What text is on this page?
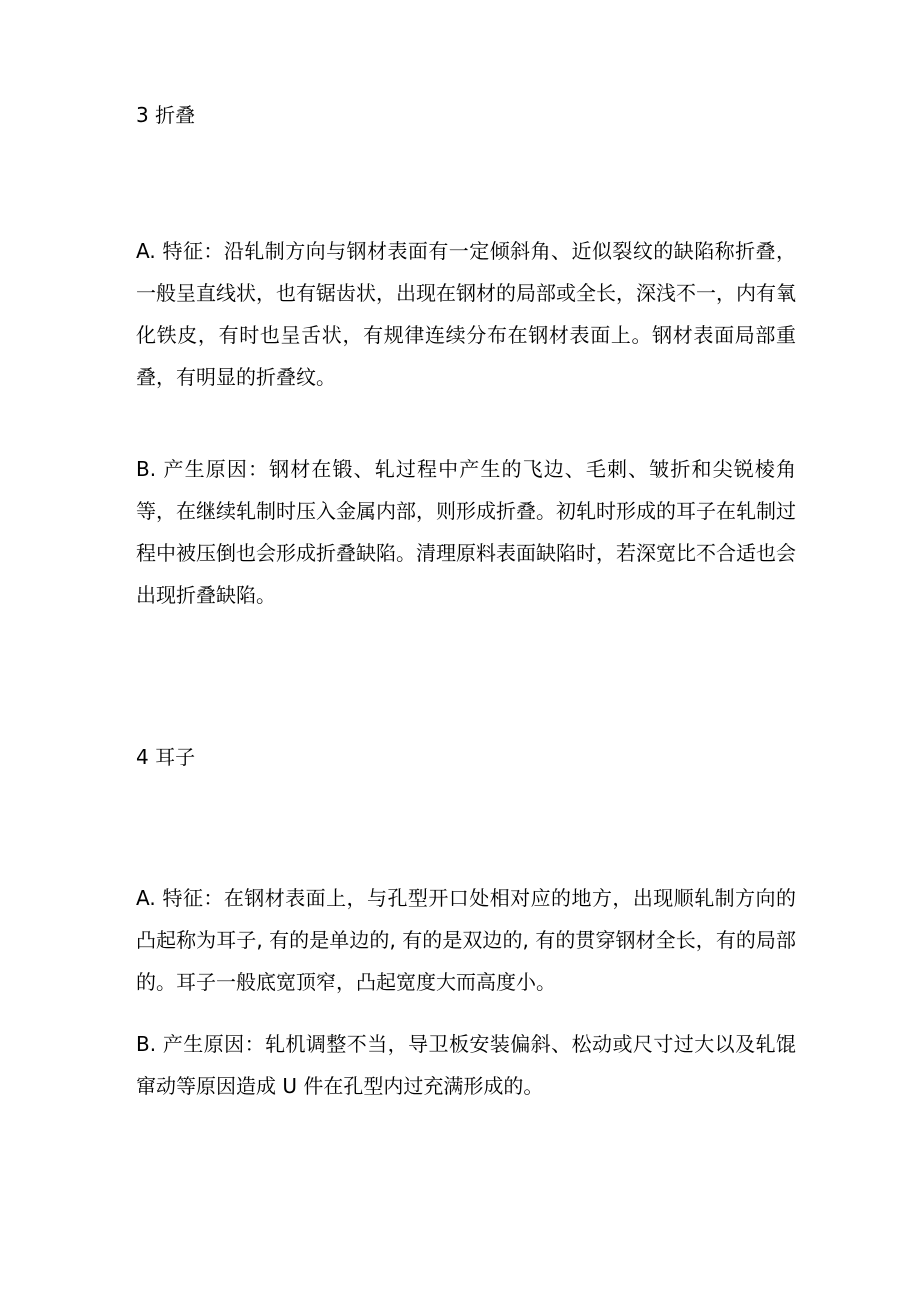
3 折叠
A. 特征：沿轧制方向与钢材表面有一定倾斜角、近似裂纹的缺陷称折叠，一般呈直线状，也有锯齿状，出现在钢材的局部或全长，深浅不一，内有氧化铁皮，有时也呈舌状，有规律连续分布在钢材表面上。钢材表面局部重叠，有明显的折叠纹。
B. 产生原因：钢材在锻、轧过程中产生的飞边、毛刺、皱折和尖锐棱角等，在继续轧制时压入金属内部，则形成折叠。初轧时形成的耳子在轧制过程中被压倒也会形成折叠缺陷。清理原料表面缺陷时，若深宽比不合适也会出现折叠缺陷。
4 耳子
A. 特征：在钢材表面上，与孔型开口处相对应的地方，出现顺轧制方向的凸起称为耳子, 有的是单边的, 有的是双边的, 有的贯穿钢材全长，有的局部的。耳子一般底宽顶窄，凸起宽度大而高度小。
B. 产生原因：轧机调整不当，导卫板安装偏斜、松动或尺寸过大以及轧馄窜动等原因造成 U 件在孔型内过充满形成的。
